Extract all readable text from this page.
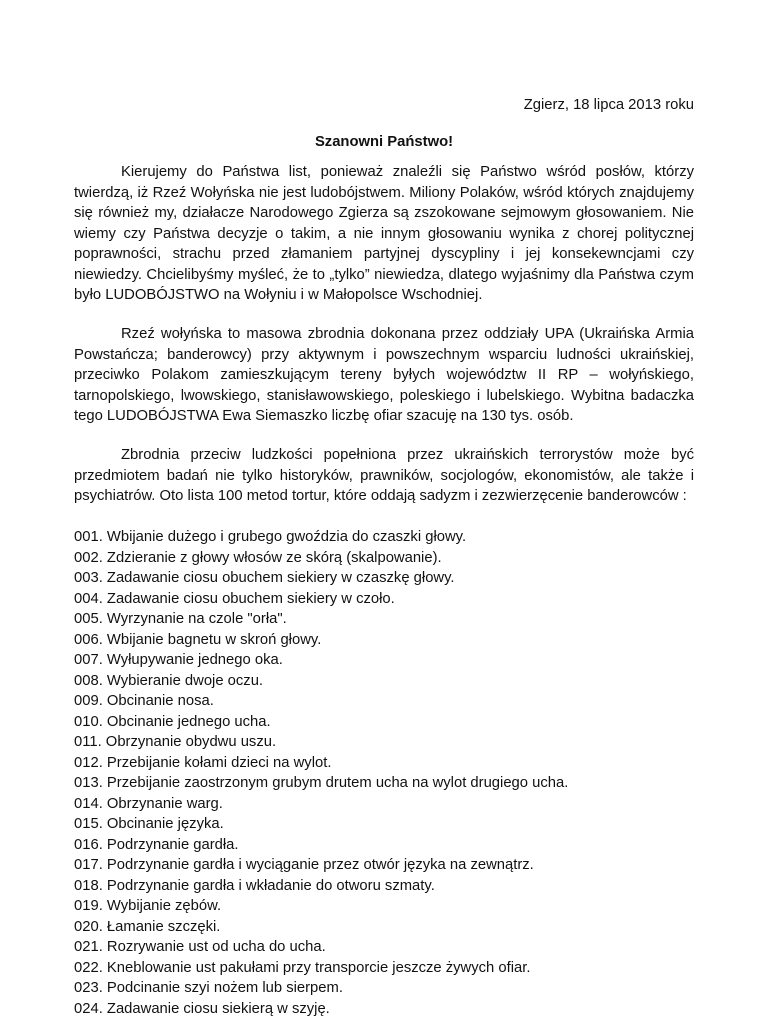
Zgierz, 18 lipca 2013 roku
Szanowni Państwo!

Kierujemy do Państwa list, ponieważ znaleźli się Państwo wśród posłów, którzy twierdzą, iż Rzeź Wołyńska nie jest ludobójstwem. Miliony Polaków, wśród których znajdujemy się również my, działacze Narodowego Zgierza są zszokowane sejmowym głosowaniem. Nie wiemy czy Państwa decyzje o takim, a nie innym głosowaniu wynika z chorej politycznej poprawności, strachu przed złamaniem partyjnej dyscypliny i jej konsekewncjami czy niewiedzy. Chcielibyśmy myśleć, że to „tylko” niewiedza, dlatego wyjaśnimy dla Państwa czym było LUDOBÓJSTWO na Wołyniu i w Małopolsce Wschodniej.

Rzeź wołyńska to masowa zbrodnia dokonana przez oddziały UPA (Ukraińska Armia Powstańcza; banderowcy) przy aktywnym i powszechnym wsparciu ludności ukraińskiej, przeciwko Polakom zamieszkującym tereny byłych województw II RP – wołyńskiego, tarnopolskiego, lwowskiego, stanisławowskiego, poleskiego i lubelskiego. Wybitna badaczka tego LUDOBÓJSTWA Ewa Siemaszko liczbę ofiar szacuję na 130 tys. osób.

Zbrodnia przeciw ludzkości popełniona przez ukraińskich terrorystów może być przedmiotem badań nie tylko historyków, prawników, socjologów, ekonomistów, ale także i psychiatrów. Oto lista 100 metod tortur, które oddają sadyzm i zezwierzęcenie banderowców :

001. Wbijanie dużego i grubego gwoździa do czaszki głowy.
002. Zdzieranie z głowy włosów ze skórą (skalpowanie).
003. Zadawanie ciosu obuchem siekiery w czaszkę głowy.
004. Zadawanie ciosu obuchem siekiery w czoło.
005. Wyrzynanie na czole "orła".
006. Wbijanie bagnetu w skroń głowy.
007. Wyłupywanie jednego oka.
008. Wybieranie dwoje oczu.
009. Obcinanie nosa.
010. Obcinanie jednego ucha.
011. Obrzynanie obydwu uszu.
012. Przebijanie kołami dzieci na wylot.
013. Przebijanie zaostrzonym grubym drutem ucha na wylot drugiego ucha.
014. Obrzynanie warg.
015. Obcinanie języka.
016. Podrzynanie gardła.
017. Podrzynanie gardła i wyciąganie przez otwór języka na zewnątrz.
018. Podrzynanie gardła i wkładanie do otworu szmaty.
019. Wybijanie zębów.
020. Łamanie szczęki.
021. Rozrywanie ust od ucha do ucha.
022. Kneblowanie ust pakułami przy transporcie jeszcze żywych ofiar.
023. Podcinanie szyi nożem lub sierpem.
024. Zadawanie ciosu siekierą w szyję.
